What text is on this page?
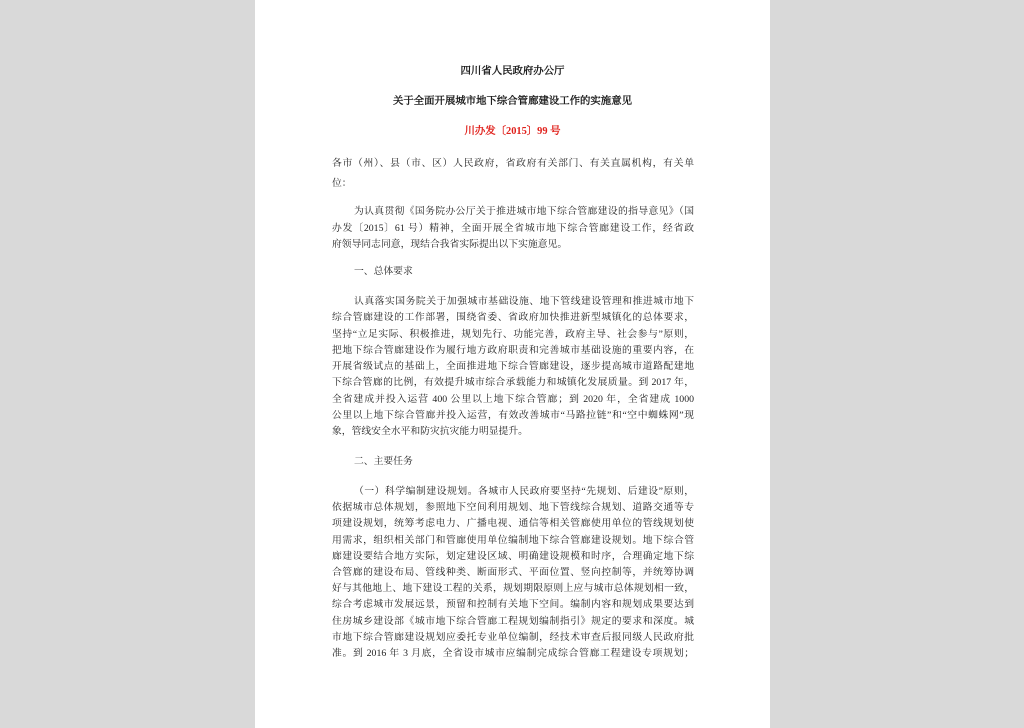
四川省人民政府办公厅
关于全面开展城市地下综合管廊建设工作的实施意见
川办发〔2015〕99 号
各市（州）、县（市、区）人民政府，省政府有关部门、有关直属机构，有关单
位：
为认真贯彻《国务院办公厅关于推进城市地下综合管廊建设的指导意见》（国
办发〔2015〕61 号）精神，全面开展全省城市地下综合管廊建设工作，经省政
府领导同志同意，现结合我省实际提出以下实施意见。
一、总体要求
认真落实国务院关于加强城市基础设施、地下管线建设管理和推进城市地下
综合管廊建设的工作部署，围绕省委、省政府加快推进新型城镇化的总体要求，
坚持“立足实际、积极推进，规划先行、功能完善，政府主导、社会参与”原则，
把地下综合管廊建设作为履行地方政府职责和完善城市基础设施的重要内容，在
开展省级试点的基础上，全面推进地下综合管廊建设，逐步提高城市道路配建地
下综合管廊的比例，有效提升城市综合承载能力和城镇化发展质量。到 2017 年，
全省建成并投入运营 400 公里以上地下综合管廊；到 2020 年，全省建成 1000
公里以上地下综合管廊并投入运营，有效改善城市“马路拉链”和“空中蜘蛛网”现
象，管线安全水平和防灾抗灾能力明显提升。
二、主要任务
（一）科学编制建设规划。各城市人民政府要坚持“先规划、后建设”原则，
依据城市总体规划，参照地下空间利用规划、地下管线综合规划、道路交通等专
项建设规划，统筹考虑电力、广播电视、通信等相关管廊使用单位的管线规划使
用需求，组织相关部门和管廊使用单位编制地下综合管廊建设规划。地下综合管
廊建设要结合地方实际，划定建设区域、明确建设规模和时序，合理确定地下综
合管廊的建设布局、管线种类、断面形式、平面位置、竖向控制等，并统筹协调
好与其他地上、地下建设工程的关系，规划期限原则上应与城市总体规划相一致，
综合考虑城市发展远景，预留和控制有关地下空间。编制内容和规划成果要达到
住房城乡建设部《城市地下综合管廊工程规划编制指引》规定的要求和深度。城
市地下综合管廊建设规划应委托专业单位编制，经技术审查后报同级人民政府批
准。到 2016 年 3 月底，全省设市城市应编制完成综合管廊工程建设专项规划；
